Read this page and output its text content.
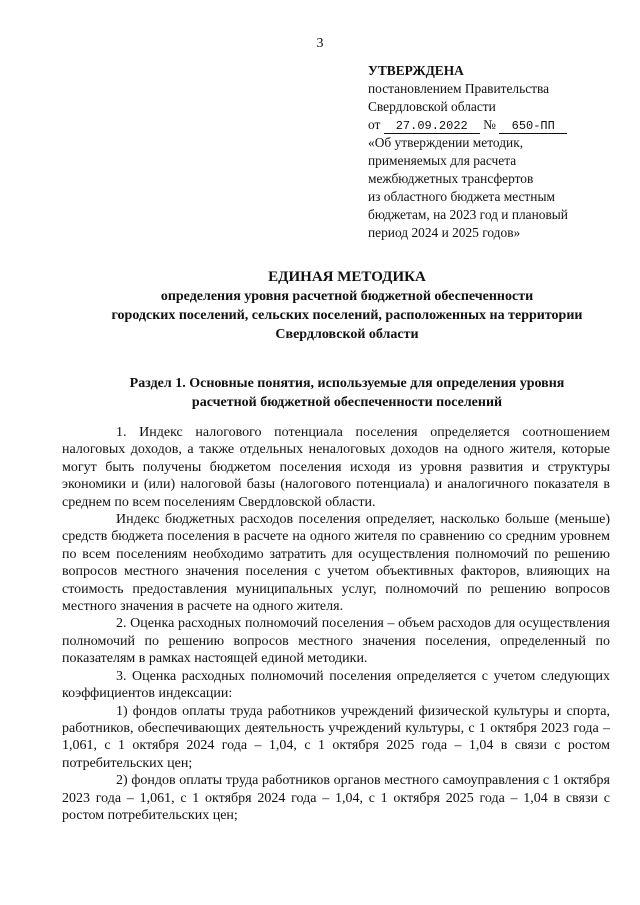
3
УТВЕРЖДЕНА
постановлением Правительства
Свердловской области
от 27.09.2022 № 650-ПП
«Об утверждении методик,
применяемых для расчета
межбюджетных трансфертов
из областного бюджета местным
бюджетам, на 2023 год и плановый
период 2024 и 2025 годов»
ЕДИНАЯ МЕТОДИКА
определения уровня расчетной бюджетной обеспеченности
городских поселений, сельских поселений, расположенных на территории
Свердловской области
Раздел 1. Основные понятия, используемые для определения уровня
расчетной бюджетной обеспеченности поселений

1. Индекс налогового потенциала поселения определяется соотношением налоговых доходов, а также отдельных неналоговых доходов на одного жителя, которые могут быть получены бюджетом поселения исходя из уровня развития и структуры экономики и (или) налоговой базы (налогового потенциала) и аналогичного показателя в среднем по всем поселениям Свердловской области.

Индекс бюджетных расходов поселения определяет, насколько больше (меньше) средств бюджета поселения в расчете на одного жителя по сравнению со средним уровнем по всем поселениям необходимо затратить для осуществления полномочий по решению вопросов местного значения поселения с учетом объективных факторов, влияющих на стоимость предоставления муниципальных услуг, полномочий по решению вопросов местного значения в расчете на одного жителя.

2. Оценка расходных полномочий поселения – объем расходов для осуществления полномочий по решению вопросов местного значения поселения, определенный по показателям в рамках настоящей единой методики.

3. Оценка расходных полномочий поселения определяется с учетом следующих коэффициентов индексации:

1) фондов оплаты труда работников учреждений физической культуры и спорта, работников, обеспечивающих деятельность учреждений культуры, с 1 октября 2023 года – 1,061, с 1 октября 2024 года – 1,04, с 1 октября 2025 года – 1,04 в связи с ростом потребительских цен;

2) фондов оплаты труда работников органов местного самоуправления с 1 октября 2023 года – 1,061, с 1 октября 2024 года – 1,04, с 1 октября 2025 года – 1,04 в связи с ростом потребительских цен;
